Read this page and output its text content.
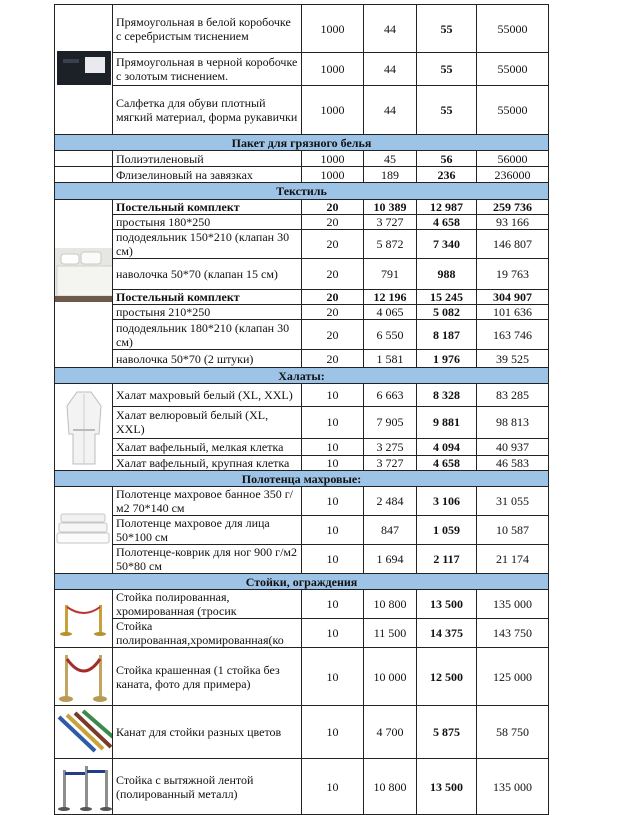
	Прямоугольная в белой коробочке с серебристым тиснением	1000	44	55	55000
	Прямоугольная в черной коробочке с золотым тиснением.	1000	44	55	55000
	Салфетка для обуви плотный мягкий материал, форма рукавички	1000	44	55	55000
Пакет для грязного белья					
	Полиэтиленовый	1000	45	56	56000
	Флизелиновый на завязках	1000	189	236	236000
Текстиль					

	Постельный комплект	20	10 389	12 987	259 736
	простыня 180*250	20	3 727	4 658	93 166
	пододеяльник 150*210 (клапан 30 см)	20	5 872	7 340	146 807
	наволочка 50*70 (клапан 15 см)	20	791	988	19 763
	Постельный комплект	20	12 196	15 245	304 907
	простыня 210*250	20	4 065	5 082	101 636
	пододеяльник 180*210 (клапан 30 см)	20	6 550	8 187	163 746
	наволочка 50*70 (2 штуки)	20	1 581	1 976	39 525
Халаты:					

	Халат махровый белый (XL, XXL)	10	6 663	8 328	83 285
	Халат велюровый белый (XL, XXL)	10	7 905	9 881	98 813
	Халат вафельный, мелкая клетка	10	3 275	4 094	40 937
	Халат вафельный, крупная клетка	10	3 727	4 658	46 583
Полотенца махровые:					

	Полотенце махровое банное 350 г/м2 70*140 см	10	2 484	3 106	31 055
	Полотенце махровое для лица 50*100 см	10	847	1 059	10 587
	Полотенце-коврик для ног 900 г/м2 50*80 см	10	1 694	2 117	21 174
Стойки, ограждения					

	Стойка полированная, хромированная (тросик	10	10 800	13 500	135 000
	Стойка полированная,хромированная(ко	10	11 500	14 375	143 750

	Стойка крашенная (1 стойка без каната, фото для примера)	10	10 000	12 500	125 000

	Канат для стойки разных цветов	10	4 700	5 875	58 750

	Стойка с вытяжной лентой (полированный металл)	10	10 800	13 500	135 000
